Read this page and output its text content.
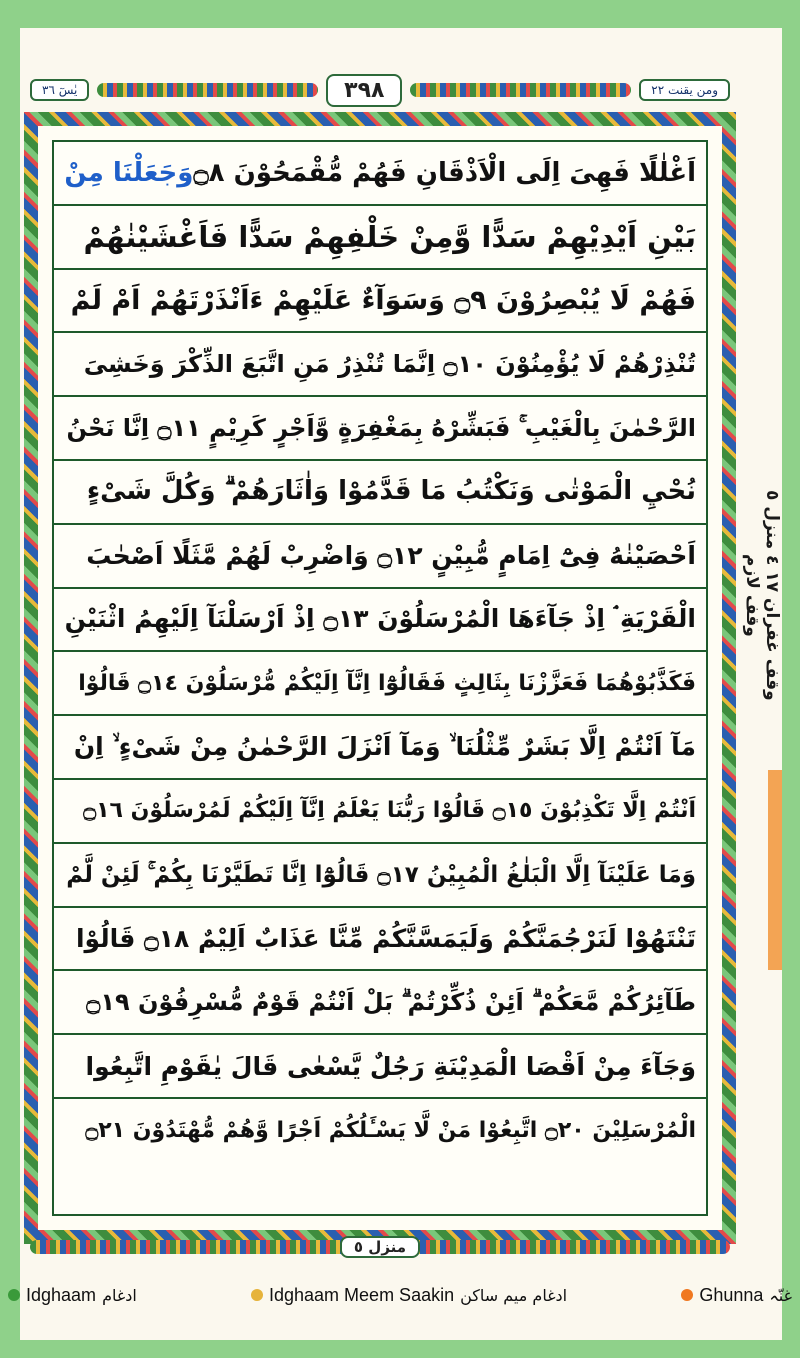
يٰسٓ ٣٦	٣٩٨	ومن يقنت ٢٢
اَغْلٰلًا فَهِىَ اِلَى الْاَذْقَانِ فَهُمْ مُّقْمَحُوْنَ ۝٨وَجَعَلْنَا مِنْ
بَيْنِ اَيْدِيْهِمْ سَدًّا وَّمِنْ خَلْفِهِمْ سَدًّا فَاَغْشَيْنٰهُمْ
فَهُمْ لَا يُبْصِرُوْنَ ۝٩ وَسَوَآءٌ عَلَيْهِمْ ءَاَنْذَرْتَهُمْ اَمْ لَمْ
تُنْذِرْهُمْ لَا يُؤْمِنُوْنَ ۝١٠ اِنَّمَا تُنْذِرُ مَنِ اتَّبَعَ الذِّكْرَ وَخَشِىَ
الرَّحْمٰنَ بِالْغَيْبِ ۚ فَبَشِّرْهُ بِمَغْفِرَةٍ وَّاَجْرٍ كَرِيْمٍ ۝١١ اِنَّا نَحْنُ
نُحْيِ الْمَوْتٰى وَنَكْتُبُ مَا قَدَّمُوْا وَاٰثَارَهُمْ ۗ وَكُلَّ شَىْءٍ
اَحْصَيْنٰهُ فِىْٓ اِمَامٍ مُّبِيْنٍ ۝١٢ وَاضْرِبْ لَهُمْ مَّثَلًا اَصْحٰبَ
الْقَرْيَةِ ۘ اِذْ جَآءَهَا الْمُرْسَلُوْنَ ۝١٣ اِذْ اَرْسَلْنَآ اِلَيْهِمُ اثْنَيْنِ
فَكَذَّبُوْهُمَا فَعَزَّزْنَا بِثَالِثٍ فَقَالُوْٓا اِنَّآ اِلَيْكُمْ مُّرْسَلُوْنَ ۝١٤ قَالُوْا
مَآ اَنْتُمْ اِلَّا بَشَرٌ مِّثْلُنَا ۙ وَمَآ اَنْزَلَ الرَّحْمٰنُ مِنْ شَىْءٍ ۙ اِنْ
اَنْتُمْ اِلَّا تَكْذِبُوْنَ ۝١٥ قَالُوْا رَبُّنَا يَعْلَمُ اِنَّآ اِلَيْكُمْ لَمُرْسَلُوْنَ ۝١٦
وَمَا عَلَيْنَآ اِلَّا الْبَلٰغُ الْمُبِيْنُ ۝١٧ قَالُوْٓا اِنَّا تَطَيَّرْنَا بِكُمْ ۚ لَئِنْ لَّمْ
تَنْتَهُوْا لَنَرْجُمَنَّكُمْ وَلَيَمَسَّنَّكُمْ مِّنَّا عَذَابٌ اَلِيْمٌ ۝١٨ قَالُوْا
طَآئِرُكُمْ مَّعَكُمْ ۗ اَئِنْ ذُكِّرْتُمْ ۗ بَلْ اَنْتُمْ قَوْمٌ مُّسْرِفُوْنَ ۝١٩
وَجَآءَ مِنْ اَقْصَا الْمَدِيْنَةِ رَجُلٌ يَّسْعٰى قَالَ يٰقَوْمِ اتَّبِعُوا
الْمُرْسَلِيْنَ ۝٢٠ اتَّبِعُوْا مَنْ لَّا يَسْـَٔلُكُمْ اَجْرًا وَّهُمْ مُّهْتَدُوْنَ ۝٢١
وقف غفران ١٧ ٤ منزل ٥ وقف لازم
منزل ٥
Idghaam ادغام	Idghaam Meem Saakin ادغام میم ساکن	Ghunna غنّہ
